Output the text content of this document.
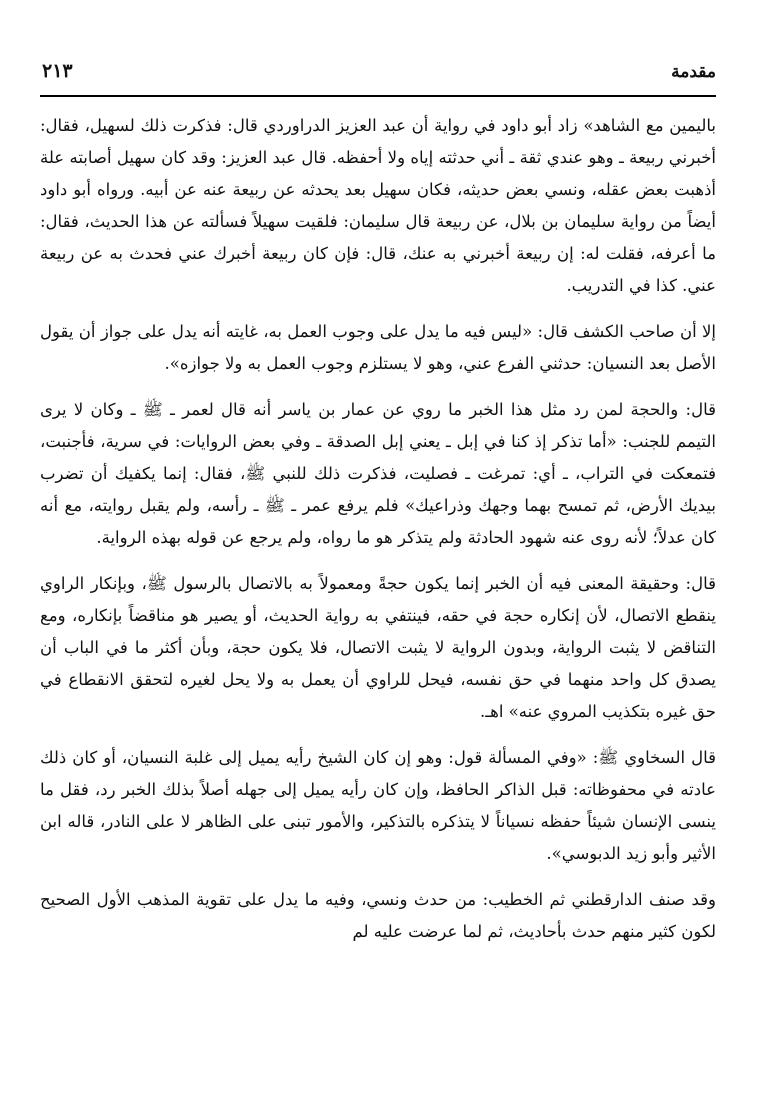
مقدمة
٢١٣

باليمين مع الشاهد» زاد أبو داود في رواية أن عبد العزيز الدراوردي قال: فذكرت ذلك لسهيل، فقال: أخبرني ربيعة ـ وهو عندي ثقة ـ أني حدثته إياه ولا أحفظه. قال عبد العزيز: وقد كان سهيل أصابته علة أذهبت بعض عقله، ونسي بعض حديثه، فكان سهيل بعد يحدثه عن ربيعة عنه عن أبيه. ورواه أبو داود أيضاً من رواية سليمان بن بلال، عن ربيعة قال سليمان: فلقيت سهيلاً فسألته عن هذا الحديث، فقال: ما أعرفه، فقلت له: إن ربيعة أخبرني به عنك، قال: فإن كان ربيعة أخبرك عني فحدث به عن ربيعة عني. كذا في التدريب.

إلا أن صاحب الكشف قال: «ليس فيه ما يدل على وجوب العمل به، غايته أنه يدل على جواز أن يقول الأصل بعد النسيان: حدثني الفرع عني، وهو لا يستلزم وجوب العمل به ولا جوازه».

قال: والحجة لمن رد مثل هذا الخبر ما روي عن عمار بن ياسر أنه قال لعمر ـ ﷺ ـ وكان لا يرى التيمم للجنب: «أما تذكر إذ كنا في إبل ـ يعني إبل الصدقة ـ وفي بعض الروايات: في سرية، فأجنبت، فتمعكت في التراب، ـ أي: تمرغت ـ فصليت، فذكرت ذلك للنبي ﷺ، فقال: إنما يكفيك أن تضرب بيديك الأرض، ثم تمسح بهما وجهك وذراعيك» فلم يرفع عمر ـ ﷺ ـ رأسه، ولم يقبل روايته، مع أنه كان عدلاً؛ لأنه روى عنه شهود الحادثة ولم يتذكر هو ما رواه، ولم يرجع عن قوله بهذه الرواية.

قال: وحقيقة المعنى فيه أن الخبر إنما يكون حجةً ومعمولاً به بالاتصال بالرسول ﷺ، وبإنكار الراوي ينقطع الاتصال، لأن إنكاره حجة في حقه، فينتفي به رواية الحديث، أو يصير هو مناقضاً بإنكاره، ومع التناقض لا يثبت الرواية، وبدون الرواية لا يثبت الاتصال، فلا يكون حجة، وبأن أكثر ما في الباب أن يصدق كل واحد منهما في حق نفسه، فيحل للراوي أن يعمل به ولا يحل لغيره لتحقق الانقطاع في حق غيره بتكذيب المروي عنه» اهـ.

قال السخاوي ﷺ: «وفي المسألة قول: وهو إن كان الشيخ رأيه يميل إلى غلبة النسيان، أو كان ذلك عادته في محفوظاته: قبل الذاكر الحافظ، وإن كان رأيه يميل إلى جهله أصلاً بذلك الخبر رد، فقل ما ينسى الإنسان شيئاً حفظه نسياناً لا يتذكره بالتذكير، والأمور تبنى على الظاهر لا على النادر، قاله ابن الأثير وأبو زيد الدبوسي».

وقد صنف الدارقطني ثم الخطيب: من حدث ونسي، وفيه ما يدل على تقوية المذهب الأول الصحيح لكون كثير منهم حدث بأحاديث، ثم لما عرضت عليه لم
